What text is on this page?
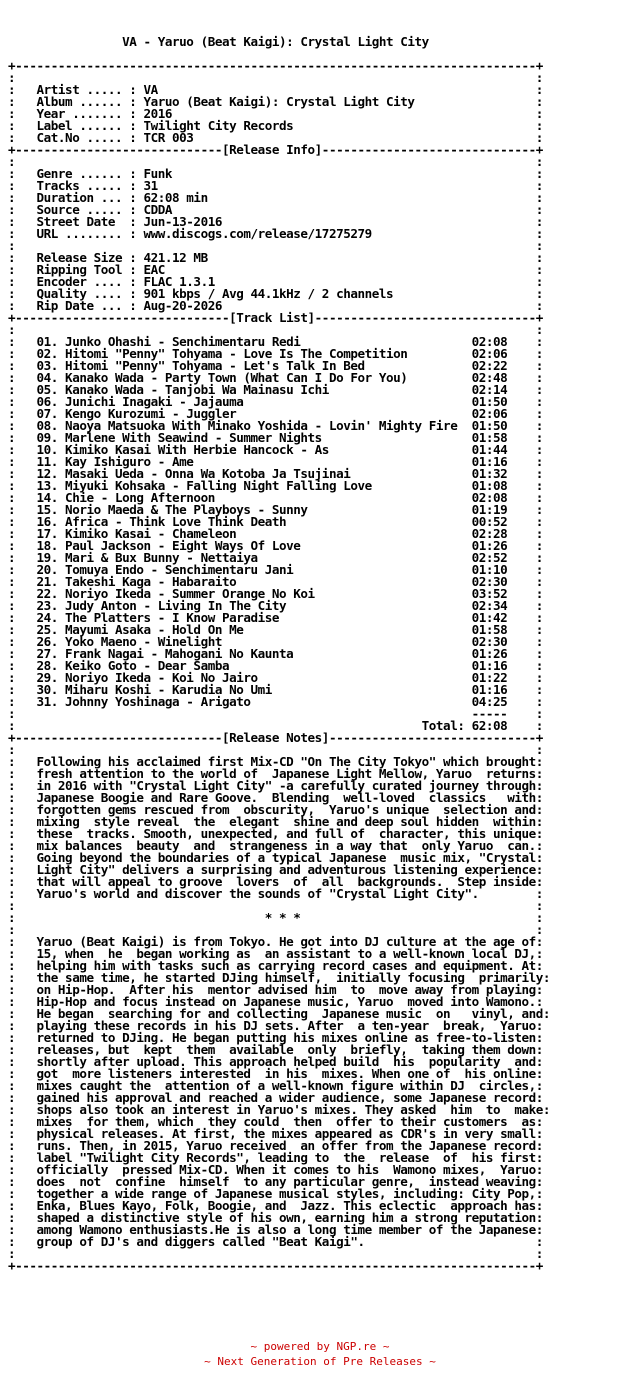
VA - Yaruo (Beat Kaigi): Crystal Light City

+-------------------------------------------------------------------------+
:                                                                         :
:   Artist ..... : VA                                                     :
:   Album ...... : Yaruo (Beat Kaigi): Crystal Light City                 :
:   Year ....... : 2016                                                   :
:   Label ...... : Twilight City Records                                  :
:   Cat.No ..... : TCR 003                                                :
+-----------------------------[Release Info]------------------------------+
:                                                                         :
:   Genre ...... : Funk                                                   :
:   Tracks ..... : 31                                                     :
:   Duration ... : 62:08 min                                              :
:   Source ..... : CDDA                                                   :
:   Street Date  : Jun-13-2016                                            :
:   URL ........ : www.discogs.com/release/17275279                       :
:                                                                         :
:   Release Size : 421.12 MB                                              :
:   Ripping Tool : EAC                                                    :
:   Encoder .... : FLAC 1.3.1                                             :
:   Quality .... : 901 kbps / Avg 44.1kHz / 2 channels                    :
:   Rip Date ... : Aug-20-2026                                            :
+------------------------------[Track List]-------------------------------+
:                                                                         :
:   01. Junko Ohashi - Senchimentaru Redi                        02:08    :
:   02. Hitomi "Penny" Tohyama - Love Is The Competition         02:06    :
:   03. Hitomi "Penny" Tohyama - Let's Talk In Bed               02:22    :
:   04. Kanako Wada - Party Town (What Can I Do For You)         02:48    :
:   05. Kanako Wada - Tanjobi Wa Mainasu Ichi                    02:14    :
:   06. Junichi Inagaki - Jajauma                                01:50    :
:   07. Kengo Kurozumi - Juggler                                 02:06    :
:   08. Naoya Matsuoka With Minako Yoshida - Lovin' Mighty Fire  01:50    :
:   09. Marlene With Seawind - Summer Nights                     01:58    :
:   10. Kimiko Kasai With Herbie Hancock - As                    01:44    :
:   11. Kay Ishiguro - Ame                                       01:16    :
:   12. Masaki Ueda - Onna Wa Kotoba Ja Tsujinai                 01:32    :
:   13. Miyuki Kohsaka - Falling Night Falling Love              01:08    :
:   14. Chie - Long Afternoon                                    02:08    :
:   15. Norio Maeda & The Playboys - Sunny                       01:19    :
:   16. Africa - Think Love Think Death                          00:52    :
:   17. Kimiko Kasai - Chameleon                                 02:28    :
:   18. Paul Jackson - Eight Ways Of Love                        01:26    :
:   19. Mari & Bux Bunny - Nettaiya                              02:52    :
:   20. Tomuya Endo - Senchimentaru Jani                         01:10    :
:   21. Takeshi Kaga - Habaraito                                 02:30    :
:   22. Noriyo Ikeda - Summer Orange No Koi                      03:52    :
:   23. Judy Anton - Living In The City                          02:34    :
:   24. The Platters - I Know Paradise                           01:42    :
:   25. Mayumi Asaka - Hold On Me                                01:58    :
:   26. Yoko Maeno - Winelight                                   02:30    :
:   27. Frank Nagai - Mahogani No Kaunta                         01:26    :
:   28. Keiko Goto - Dear Samba                                  01:16    :
:   29. Noriyo Ikeda - Koi No Jairo                              01:22    :
:   30. Miharu Koshi - Karudia No Umi                            01:16    :
:   31. Johnny Yoshinaga - Arigato                               04:25    :
:                                                                -----    :
:                                                         Total: 62:08    :
+-----------------------------[Release Notes]-----------------------------+
:                                                                         :
:   Following his acclaimed first Mix-CD "On The City Tokyo" which brought:
:   fresh attention to the world of  Japanese Light Mellow, Yaruo  returns:
:   in 2016 with "Crystal Light City" -a carefully curated journey through:
:   Japanese Boogie and Rare Goove.  Blending  well-loved  classics   with:
:   forgotten gems rescued from  obscurity,  Yaruo's unique  selection and:
:   mixing  style reveal  the  elegant  shine and deep soul hidden  within:
:   these  tracks. Smooth, unexpected, and full of  character, this unique:
:   mix balances  beauty  and  strangeness in a way that  only Yaruo  can.:
:   Going beyond the boundaries of a typical Japanese  music mix, "Crystal:
:   Light City" delivers a surprising and adventurous listening experience:
:   that will appeal to groove  lovers  of  all  backgrounds.  Step inside:
:   Yaruo's world and discover the sounds of "Crystal Light City".        :
:                                                                         :
:                                   * * *                                 :
:                                                                         :
:   Yaruo (Beat Kaigi) is from Tokyo. He got into DJ culture at the age of:
:   15, when  he  began working as  an assistant to a well-known local DJ,:
:   helping him with tasks such as carrying record cases and equipment. At:
:   the same time, he started DJing himself,  initially focusing  primarily:
:   on Hip-Hop.  After his  mentor advised him  to  move away from playing:
:   Hip-Hop and focus instead on Japanese music, Yaruo  moved into Wamono.:
:   He began  searching for and collecting  Japanese music  on   vinyl, and:
:   playing these records in his DJ sets. After  a ten-year  break,  Yaruo:
:   returned to DJing. He began putting his mixes online as free-to-listen:
:   releases, but  kept  them  available  only  briefly,  taking them down:
:   shortly after upload. This approach helped build  his  popularity  and:
:   got  more listeners interested  in his  mixes. When one of  his online:
:   mixes caught the  attention of a well-known figure within DJ  circles,:
:   gained his approval and reached a wider audience, some Japanese record:
:   shops also took an interest in Yaruo's mixes. They asked  him  to  make:
:   mixes  for them, which  they could  then  offer to their customers  as:
:   physical releases. At first, the mixes appeared as CDR's in very small:
:   runs. Then, in 2015, Yaruo received  an offer from the Japanese record:
:   label "Twilight City Records", leading to  the  release  of  his first:
:   officially  pressed Mix-CD. When it comes to his  Wamono mixes,  Yaruo:
:   does  not  confine  himself  to any particular genre,  instead weaving:
:   together a wide range of Japanese musical styles, including: City Pop,:
:   Enka, Blues Kayo, Folk, Boogie, and  Jazz. This eclectic  approach has:
:   shaped a distinctive style of his own, earning him a strong reputation:
:   among Wamono enthusiasts.He is also a long time member of the Japanese:
:   group of DJ's and diggers called "Beat Kaigi".                        :
:                                                                         :
+-------------------------------------------------------------------------+
~ powered by NGP.re ~
~ Next Generation of Pre Releases ~
